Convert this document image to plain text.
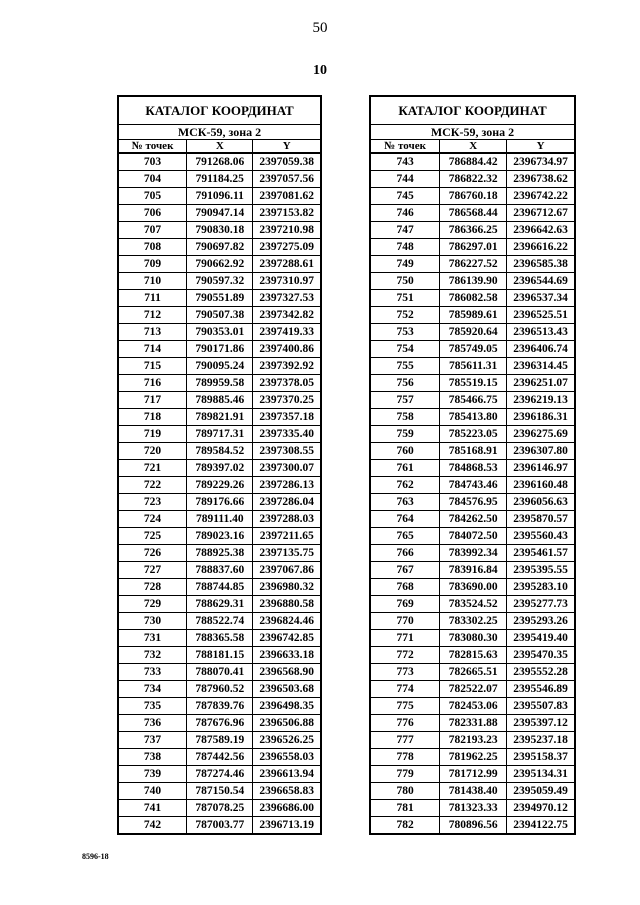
50
10
КАТАЛОГ КООРДИНАТ		
МСК-59, зона 2		
№ точек	X	Y
703	791268.06	2397059.38
704	791184.25	2397057.56
705	791096.11	2397081.62
706	790947.14	2397153.82
707	790830.18	2397210.98
708	790697.82	2397275.09
709	790662.92	2397288.61
710	790597.32	2397310.97
711	790551.89	2397327.53
712	790507.38	2397342.82
713	790353.01	2397419.33
714	790171.86	2397400.86
715	790095.24	2397392.92
716	789959.58	2397378.05
717	789885.46	2397370.25
718	789821.91	2397357.18
719	789717.31	2397335.40
720	789584.52	2397308.55
721	789397.02	2397300.07
722	789229.26	2397286.13
723	789176.66	2397286.04
724	789111.40	2397288.03
725	789023.16	2397211.65
726	788925.38	2397135.75
727	788837.60	2397067.86
728	788744.85	2396980.32
729	788629.31	2396880.58
730	788522.74	2396824.46
731	788365.58	2396742.85
732	788181.15	2396633.18
733	788070.41	2396568.90
734	787960.52	2396503.68
735	787839.76	2396498.35
736	787676.96	2396506.88
737	787589.19	2396526.25
738	787442.56	2396558.03
739	787274.46	2396613.94
740	787150.54	2396658.83
741	787078.25	2396686.00
742	787003.77	2396713.19
КАТАЛОГ КООРДИНАТ		
МСК-59, зона 2		
№ точек	X	Y
743	786884.42	2396734.97
744	786822.32	2396738.62
745	786760.18	2396742.22
746	786568.44	2396712.67
747	786366.25	2396642.63
748	786297.01	2396616.22
749	786227.52	2396585.38
750	786139.90	2396544.69
751	786082.58	2396537.34
752	785989.61	2396525.51
753	785920.64	2396513.43
754	785749.05	2396406.74
755	785611.31	2396314.45
756	785519.15	2396251.07
757	785466.75	2396219.13
758	785413.80	2396186.31
759	785223.05	2396275.69
760	785168.91	2396307.80
761	784868.53	2396146.97
762	784743.46	2396160.48
763	784576.95	2396056.63
764	784262.50	2395870.57
765	784072.50	2395560.43
766	783992.34	2395461.57
767	783916.84	2395395.55
768	783690.00	2395283.10
769	783524.52	2395277.73
770	783302.25	2395293.26
771	783080.30	2395419.40
772	782815.63	2395470.35
773	782665.51	2395552.28
774	782522.07	2395546.89
775	782453.06	2395507.83
776	782331.88	2395397.12
777	782193.23	2395237.18
778	781962.25	2395158.37
779	781712.99	2395134.31
780	781438.40	2395059.49
781	781323.33	2394970.12
782	780896.56	2394122.75
8596-18
